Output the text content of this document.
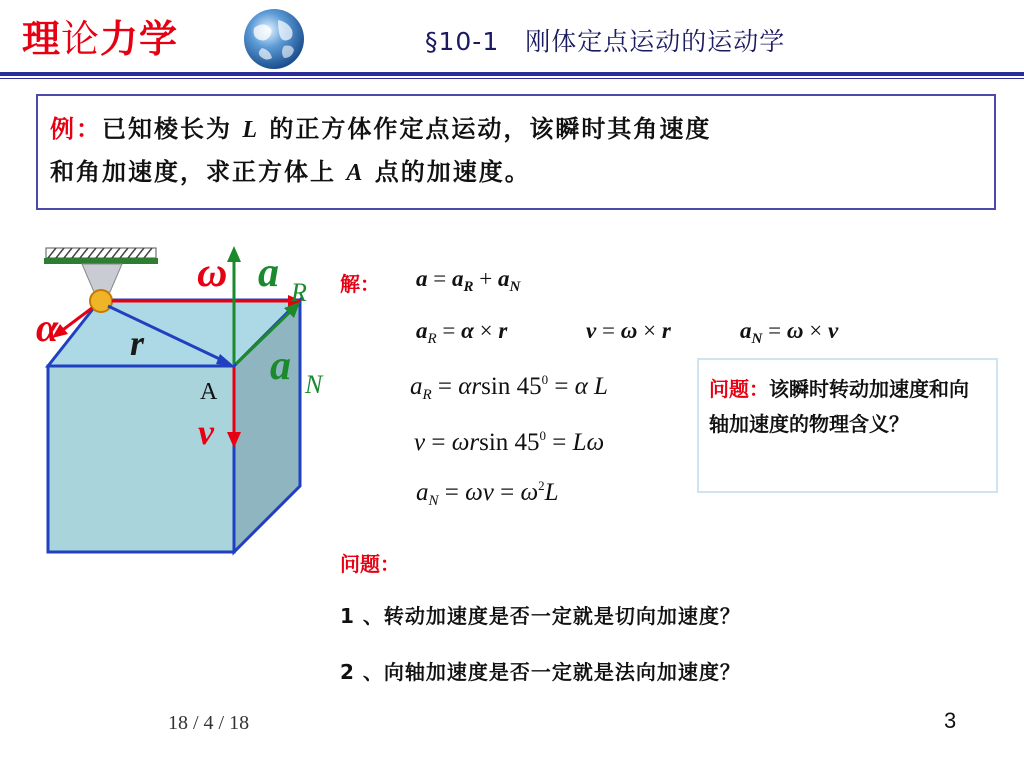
理论力学	§10-1　刚体定点运动的运动学
例：已知棱长为 L 的正方体作定点运动，该瞬时其角速度
和角加速度，求正方体上 A 点的加速度。
ω a R
α r	a N
A
v
解： $a = a_R + a_N$
$a_R = \alpha \times r$	v = ω × r	$a_N = \omega \times v$
$a_R = \alpha rsin$ $45^0 = \alpha$ L
v = ωrsin $45^0 = L\omega$
$a_N = \omega v = \omega^2L$
问题：该瞬时转动加速度和向轴加速度的物理含义？
问题：
1 、转动加速度是否一定就是切向加速度？
2 、向轴加速度是否一定就是法向加速度？
18 / 4 / 18	3
